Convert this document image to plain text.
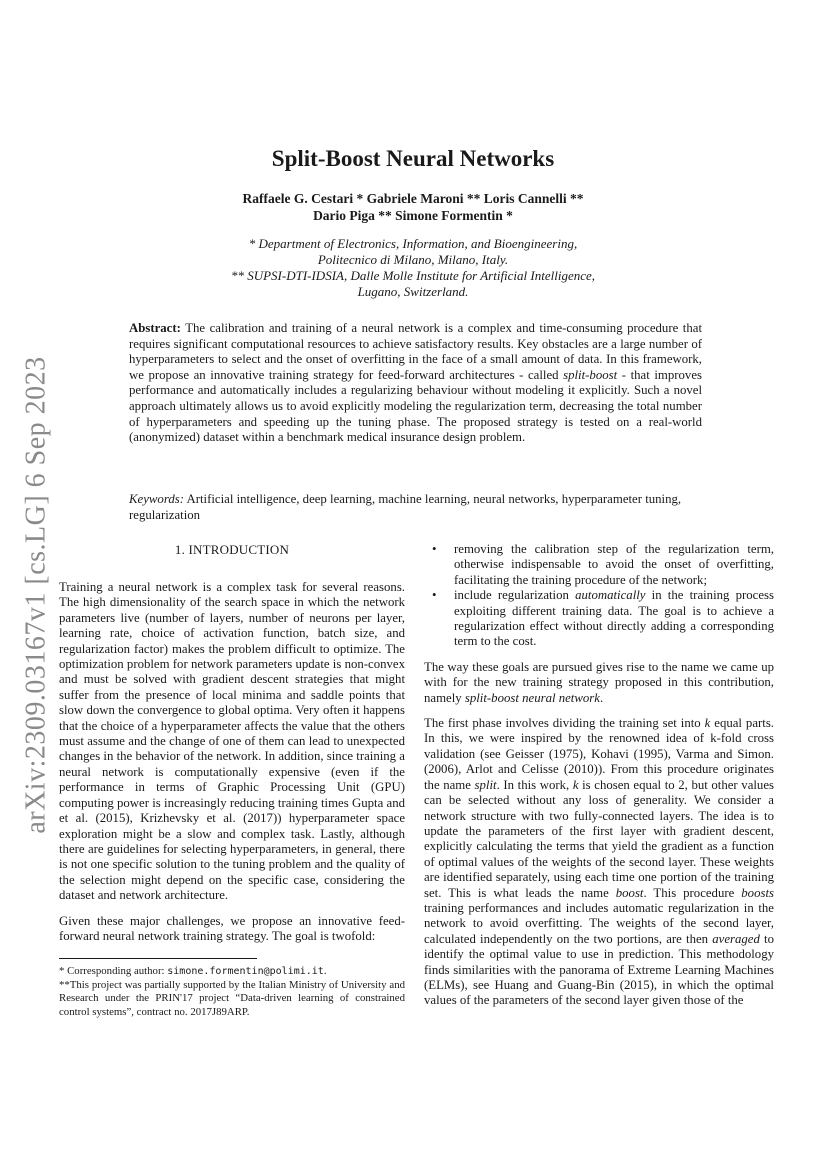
arXiv:2309.03167v1 [cs.LG] 6 Sep 2023
Split-Boost Neural Networks
Raffaele G. Cestari * Gabriele Maroni ** Loris Cannelli **
Dario Piga ** Simone Formentin *
* Department of Electronics, Information, and Bioengineering,
Politecnico di Milano, Milano, Italy.
** SUPSI-DTI-IDSIA, Dalle Molle Institute for Artificial Intelligence,
Lugano, Switzerland.

Abstract: The calibration and training of a neural network is a complex and time-consuming procedure that requires significant computational resources to achieve satisfactory results. Key obstacles are a large number of hyperparameters to select and the onset of overfitting in the face of a small amount of data. In this framework, we propose an innovative training strategy for feed-forward architectures - called split-boost - that improves performance and automatically includes a regularizing behaviour without modeling it explicitly. Such a novel approach ultimately allows us to avoid explicitly modeling the regularization term, decreasing the total number of hyperparameters and speeding up the tuning phase. The proposed strategy is tested on a real-world (anonymized) dataset within a benchmark medical insurance design problem.

Keywords: Artificial intelligence, deep learning, machine learning, neural networks, hyperparameter tuning, regularization

1. INTRODUCTION

Training a neural network is a complex task for several reasons. The high dimensionality of the search space in which the network parameters live (number of layers, number of neurons per layer, learning rate, choice of activation function, batch size, and regularization factor) makes the problem difficult to optimize. The optimization problem for network parameters update is non-convex and must be solved with gradient descent strategies that might suffer from the presence of local minima and saddle points that slow down the convergence to global optima. Very often it happens that the choice of a hyperparameter affects the value that the others must assume and the change of one of them can lead to unexpected changes in the behavior of the network. In addition, since training a neural network is computationally expensive (even if the performance in terms of Graphic Processing Unit (GPU) computing power is increasingly reducing training times Gupta and et al. (2015), Krizhevsky et al. (2017)) hyperparameter space exploration might be a slow and complex task. Lastly, although there are guidelines for selecting hyperparameters, in general, there is not one specific solution to the tuning problem and the quality of the selection might depend on the specific case, considering the dataset and network architecture.

Given these major challenges, we propose an innovative feed-forward neural network training strategy. The goal is twofold:

* Corresponding author: simone.formentin@polimi.it.

**This project was partially supported by the Italian Ministry of University and Research under the PRIN'17 project “Data-driven learning of constrained control systems”, contract no. 2017J89ARP.

• removing the calibration step of the regularization term, otherwise indispensable to avoid the onset of overfitting, facilitating the training procedure of the network;
• include regularization automatically in the training process exploiting different training data. The goal is to achieve a regularization effect without directly adding a corresponding term to the cost.

The way these goals are pursued gives rise to the name we came up with for the new training strategy proposed in this contribution, namely split-boost neural network.

The first phase involves dividing the training set into k equal parts. In this, we were inspired by the renowned idea of k-fold cross validation (see Geisser (1975), Kohavi (1995), Varma and Simon. (2006), Arlot and Celisse (2010)). From this procedure originates the name split. In this work, k is chosen equal to 2, but other values can be selected without any loss of generality. We consider a network structure with two fully-connected layers. The idea is to update the parameters of the first layer with gradient descent, explicitly calculating the terms that yield the gradient as a function of optimal values of the weights of the second layer. These weights are identified separately, using each time one portion of the training set. This is what leads the name boost. This procedure boosts training performances and includes automatic regularization in the network to avoid overfitting. The weights of the second layer, calculated independently on the two portions, are then averaged to identify the optimal value to use in prediction. This methodology finds similarities with the panorama of Extreme Learning Machines (ELMs), see Huang and Guang-Bin (2015), in which the optimal values of the parameters of the second layer given those of the
